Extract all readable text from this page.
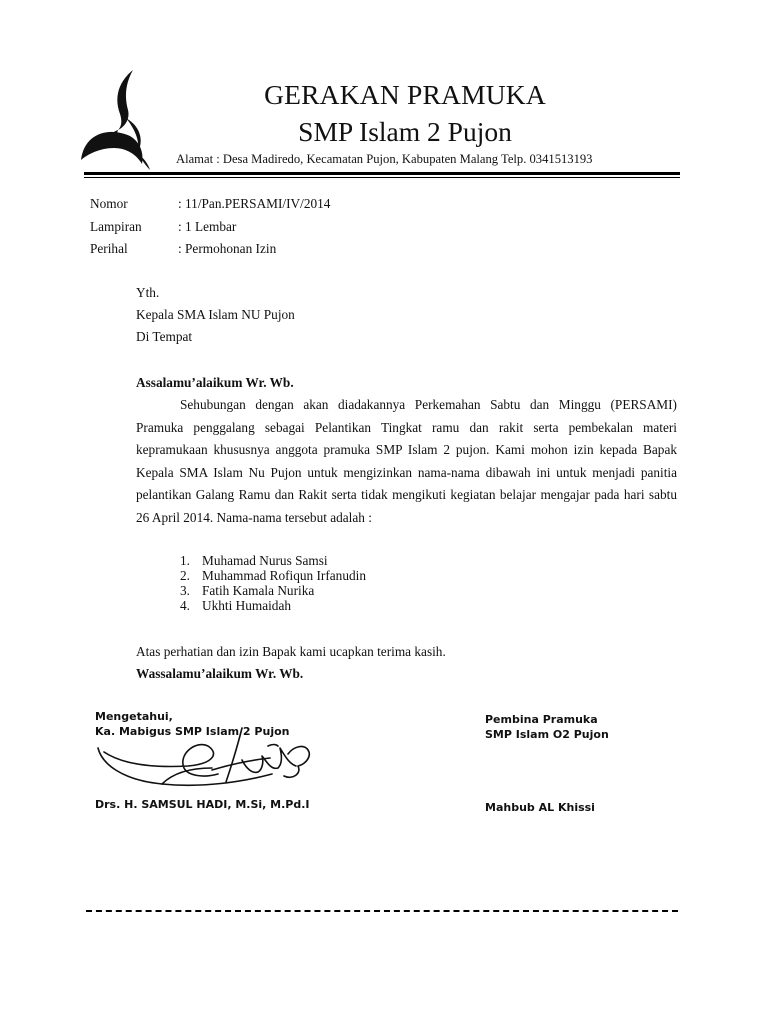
GERAKAN PRAMUKA
SMP Islam 2 Pujon
Alamat : Desa Madiredo, Kecamatan Pujon, Kabupaten Malang Telp. 0341513193
Nomor	: 11/Pan.PERSAMI/IV/2014
Lampiran	: 1 Lembar
Perihal	: Permohonan Izin
Yth.
Kepala SMA Islam NU Pujon
Di Tempat
Assalamu’alaikum Wr. Wb.

Sehubungan dengan akan diadakannya Perkemahan Sabtu dan Minggu (PERSAMI) Pramuka penggalang sebagai Pelantikan Tingkat ramu dan rakit serta pembekalan materi kepramukaan khususnya anggota pramuka SMP Islam 2 pujon. Kami mohon izin kepada Bapak Kepala SMA Islam Nu Pujon untuk mengizinkan nama-nama dibawah ini untuk menjadi panitia pelantikan Galang Ramu dan Rakit serta tidak mengikuti kegiatan belajar mengajar pada hari sabtu 26 April 2014. Nama-nama tersebut adalah :

1. Muhamad Nurus Samsi
2. Muhammad Rofiqun Irfanudin
3. Fatih Kamala Nurika
4. Ukhti Humaidah
Atas perhatian dan izin Bapak kami ucapkan terima kasih.
Wassalamu’alaikum Wr. Wb.
Mengetahui,
Ka. Mabigus SMP Islam 2 Pujon
Drs. H. SAMSUL HADI, M.Si, M.Pd.I
Pembina Pramuka
SMP Islam O2 Pujon
Mahbub AL Khissi
